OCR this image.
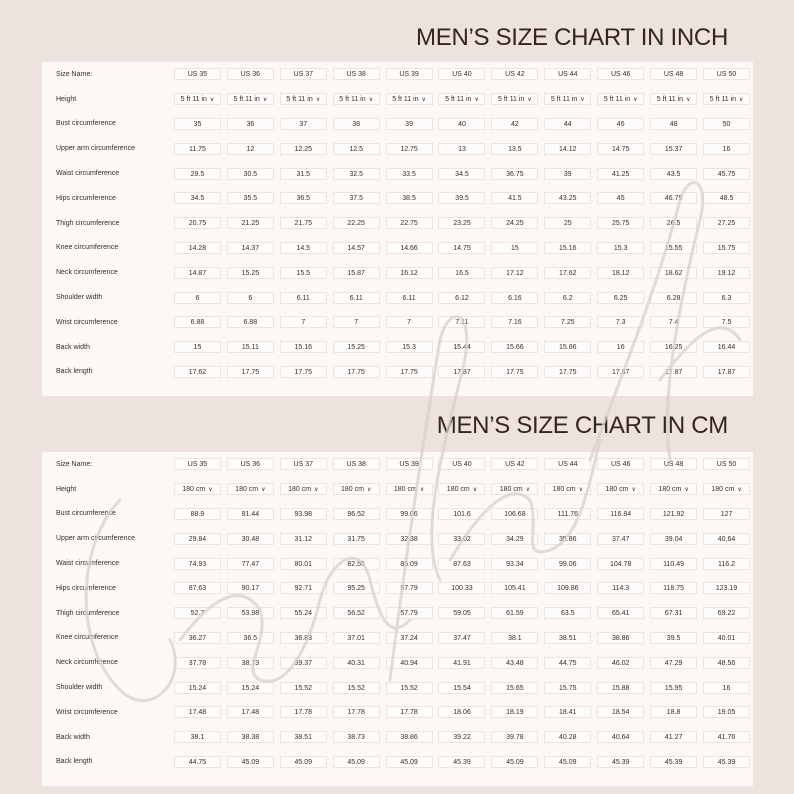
MEN’S SIZE CHART IN INCH
Size Name:	US 35	US 36	US 37	US 38	US 39	US 40	US 42	US 44	US 46	US 48	US 50
Height	5 ft 11 in ∨	5 ft 11 in ∨	5 ft 11 in ∨	5 ft 11 in ∨	5 ft 11 in ∨	5 ft 11 in ∨	5 ft 11 in ∨	5 ft 11 in ∨	5 ft 11 in ∨	5 ft 11 in ∨	5 ft 11 in ∨
Bust circumference	35	36	37	38	39	40	42	44	46	48	50
Upper arm circumference	11.75	12	12.25	12.5	12.75	13	13.5	14.12	14.75	15.37	16
Waist circumference	29.5	30.5	31.5	32.5	33.5	34.5	36.75	39	41.25	43.5	45.75
Hips circumference	34.5	35.5	36.5	37.5	38.5	39.5	41.5	43.25	45	46.75	48.5
Thigh circumference	20.75	21.25	21.75	22.25	22.75	23.25	24.25	25	25.75	26.5	27.25
Knee circumference	14.28	14.37	14.5	14.57	14.66	14.75	15	15.16	15.3	15.55	15.75
Neck circumference	14.87	15.25	15.5	15.87	16.12	16.5	17.12	17.62	18.12	18.62	19.12
Shoulder width	6	6	6.11	6.11	6.11	6.12	6.16	6.2	6.25	6.28	6.3
Wrist circumference	6.88	6.88	7	7	7	7.11	7.16	7.25	7.3	7.4	7.5
Back width	15	15.11	15.16	15.25	15.3	15.44	15.66	15.86	16	16.25	16.44
Back length	17.62	17.75	17.75	17.75	17.75	17.87	17.75	17.75	17.87	17.87	17.87
MEN’S SIZE CHART IN CM
Size Name:	US 35	US 36	US 37	US 38	US 39	US 40	US 42	US 44	US 46	US 48	US 50
Height	180 cm ∨	180 cm ∨	180 cm ∨	180 cm ∨	180 cm ∨	180 cm ∨	180 cm ∨	180 cm ∨	180 cm ∨	180 cm ∨	180 cm ∨
Bust circumference	88.9	91.44	93.98	96.52	99.06	101.6	106.68	111.76	116.84	121.92	127
Upper arm circumference	29.84	30.48	31.12	31.75	32.38	33.02	34.29	35.86	37.47	39.04	40.64
Waist circumference	74.93	77.47	80.01	82.55	85.09	87.63	93.34	99.06	104.78	110.49	116.2
Hips circumference	87.63	90.17	92.71	95.25	97.79	100.33	105.41	109.86	114.3	118.75	123.19
Thigh circumference	52.7	53.98	55.24	56.52	57.79	59.05	61.59	63.5	65.41	67.31	69.22
Knee circumference	36.27	36.5	36.83	37.01	37.24	37.47	38.1	38.51	38.86	39.5	40.01
Neck circumference	37.78	38.73	39.37	40.31	40.94	41.91	43.48	44.75	46.02	47.29	48.56
Shoulder width	15.24	15.24	15.52	15.52	15.52	15.54	15.65	15.75	15.88	15.95	16
Wrist circumference	17.48	17.48	17.78	17.78	17.78	18.06	18.19	18.41	18.54	18.8	19.05
Back width	38.1	38.38	38.51	38.73	38.86	39.22	39.78	40.28	40.64	41.27	41.76
Back length	44.75	45.09	45.09	45.09	45.09	45.39	45.09	45.09	45.39	45.39	45.39
